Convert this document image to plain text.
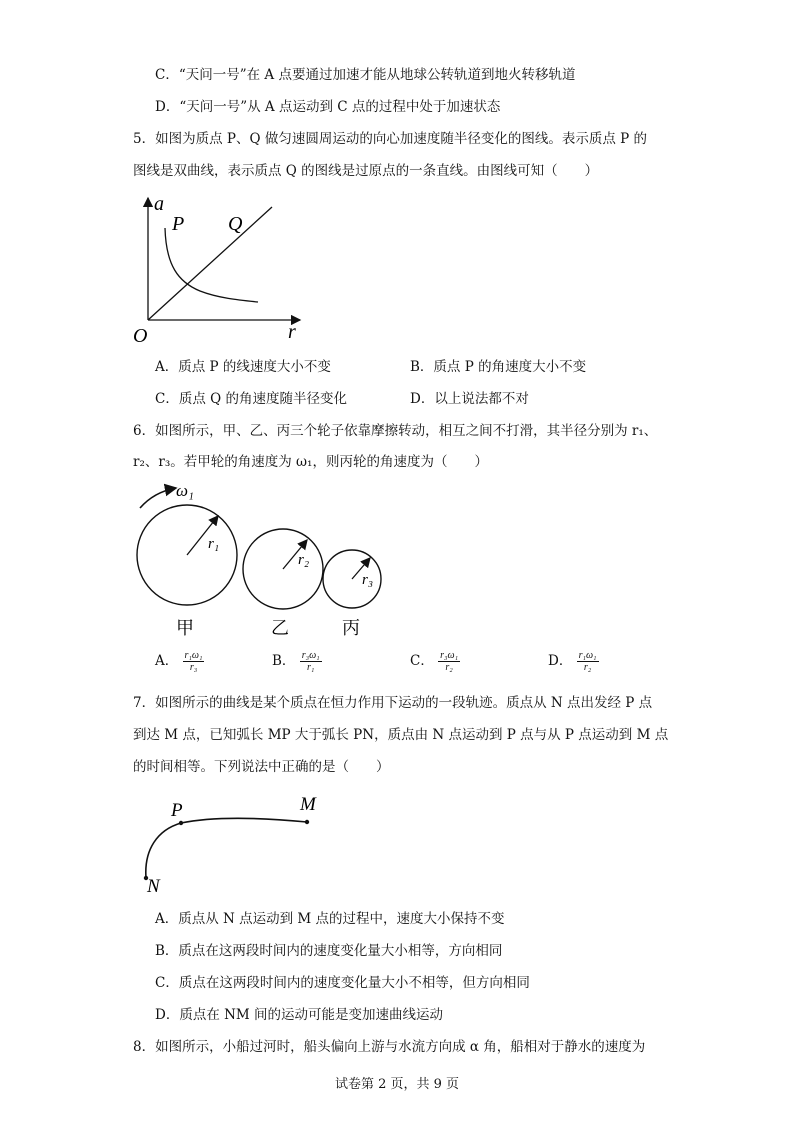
C．“天问一号”在 A 点要通过加速才能从地球公转轨道到地火转移轨道
D．“天问一号”从 A 点运动到 C 点的过程中处于加速状态
5．如图为质点 P、Q 做匀速圆周运动的向心加速度随半径变化的图线。表示质点 P 的
图线是双曲线，表示质点 Q 的图线是过原点的一条直线。由图线可知（　　）
a
P Q
O	r
A．质点 P 的线速度大小不变	B．质点 P 的角速度大小不变
C．质点 Q 的角速度随半径变化	D．以上说法都不对
6．如图所示，甲、乙、丙三个轮子依靠摩擦转动，相互之间不打滑，其半径分别为 r₁、
r₂、r₃。若甲轮的角速度为 ω₁，则丙轮的角速度为（　　）
ω₁
r₁
r₂
r₃
甲	乙	丙
A． $\frac{\text{r₁ω₁}}{\text{r₃}}$	B． $\frac{\text{r₃ω₁}}{\text{r₁}}$	C． $\frac{\text{r₃ω₁}}{\text{r₂}}$	D． $\frac{\text{r₁ω₁}}{\text{r₂}}$
7．如图所示的曲线是某个质点在恒力作用下运动的一段轨迹。质点从 N 点出发经 P 点
到达 M 点，已知弧长 MP 大于弧长 PN，质点由 N 点运动到 P 点与从 P 点运动到 M 点
的时间相等。下列说法中正确的是（　　）
P	M
N
A．质点从 N 点运动到 M 点的过程中，速度大小保持不变
B．质点在这两段时间内的速度变化量大小相等，方向相同
C．质点在这两段时间内的速度变化量大小不相等，但方向相同
D．质点在 NM 间的运动可能是变加速曲线运动
8．如图所示，小船过河时，船头偏向上游与水流方向成 α 角，船相对于静水的速度为
试卷第 2 页，共 9 页
